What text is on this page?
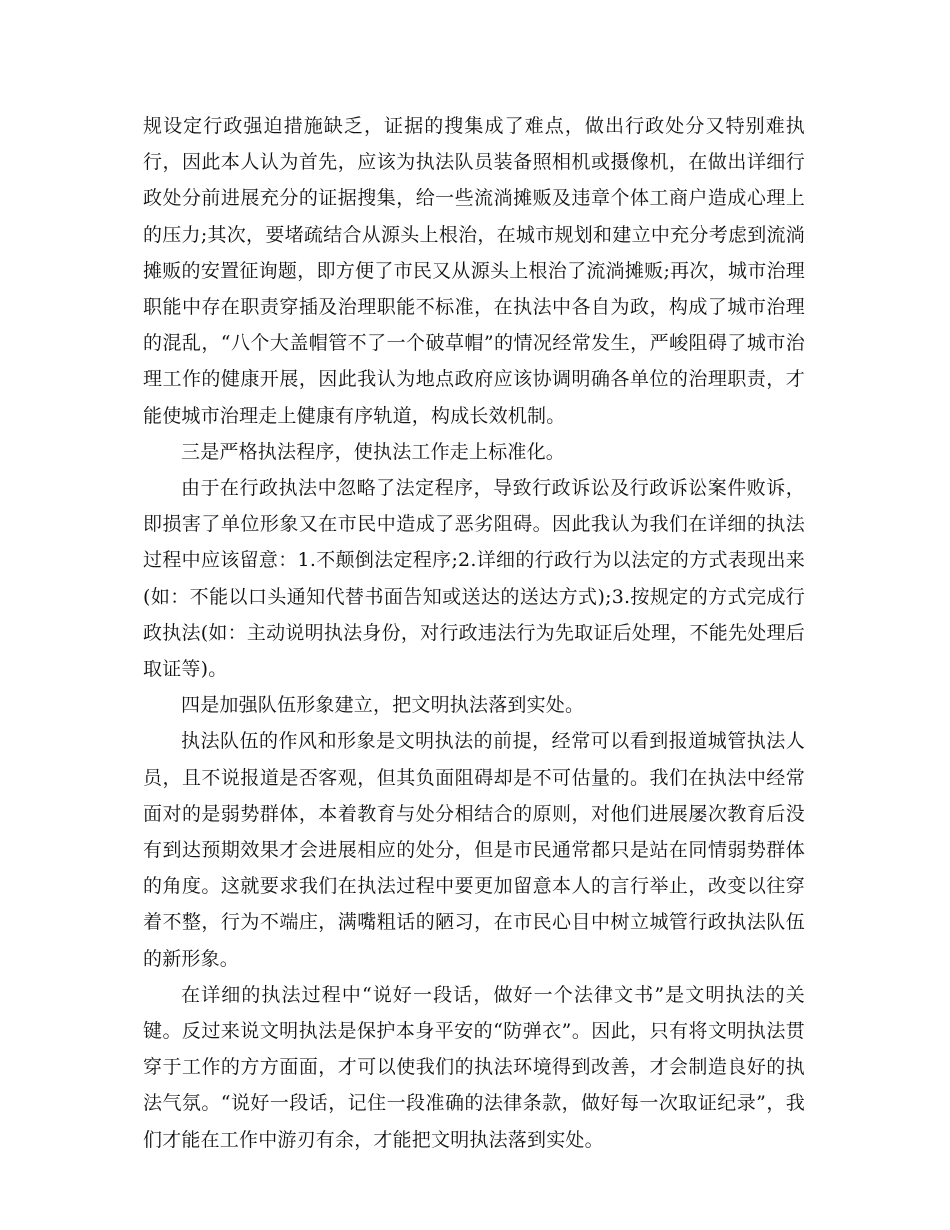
规设定行政强迫措施缺乏，证据的搜集成了难点，做出行政处分又特别难执行，因此本人认为首先，应该为执法队员装备照相机或摄像机，在做出详细行政处分前进展充分的证据搜集，给一些流淌摊贩及违章个体工商户造成心理上的压力;其次，要堵疏结合从源头上根治，在城市规划和建立中充分考虑到流淌摊贩的安置征询题，即方便了市民又从源头上根治了流淌摊贩;再次，城市治理职能中存在职责穿插及治理职能不标准，在执法中各自为政，构成了城市治理的混乱，“八个大盖帽管不了一个破草帽”的情况经常发生，严峻阻碍了城市治理工作的健康开展，因此我认为地点政府应该协调明确各单位的治理职责，才能使城市治理走上健康有序轨道，构成长效机制。

三是严格执法程序，使执法工作走上标准化。

由于在行政执法中忽略了法定程序，导致行政诉讼及行政诉讼案件败诉，即损害了单位形象又在市民中造成了恶劣阻碍。因此我认为我们在详细的执法过程中应该留意：1.不颠倒法定程序;2.详细的行政行为以法定的方式表现出来(如：不能以口头通知代替书面告知或送达的送达方式);3.按规定的方式完成行政执法(如：主动说明执法身份，对行政违法行为先取证后处理，不能先处理后取证等)。

四是加强队伍形象建立，把文明执法落到实处。

执法队伍的作风和形象是文明执法的前提，经常可以看到报道城管执法人员，且不说报道是否客观，但其负面阻碍却是不可估量的。我们在执法中经常面对的是弱势群体，本着教育与处分相结合的原则，对他们进展屡次教育后没有到达预期效果才会进展相应的处分，但是市民通常都只是站在同情弱势群体的角度。这就要求我们在执法过程中要更加留意本人的言行举止，改变以往穿着不整，行为不端庄，满嘴粗话的陋习，在市民心目中树立城管行政执法队伍的新形象。

在详细的执法过程中“说好一段话，做好一个法律文书”是文明执法的关键。反过来说文明执法是保护本身平安的“防弹衣”。因此，只有将文明执法贯穿于工作的方方面面，才可以使我们的执法环境得到改善，才会制造良好的执法气氛。“说好一段话，记住一段准确的法律条款，做好每一次取证纪录”，我们才能在工作中游刃有余，才能把文明执法落到实处。
